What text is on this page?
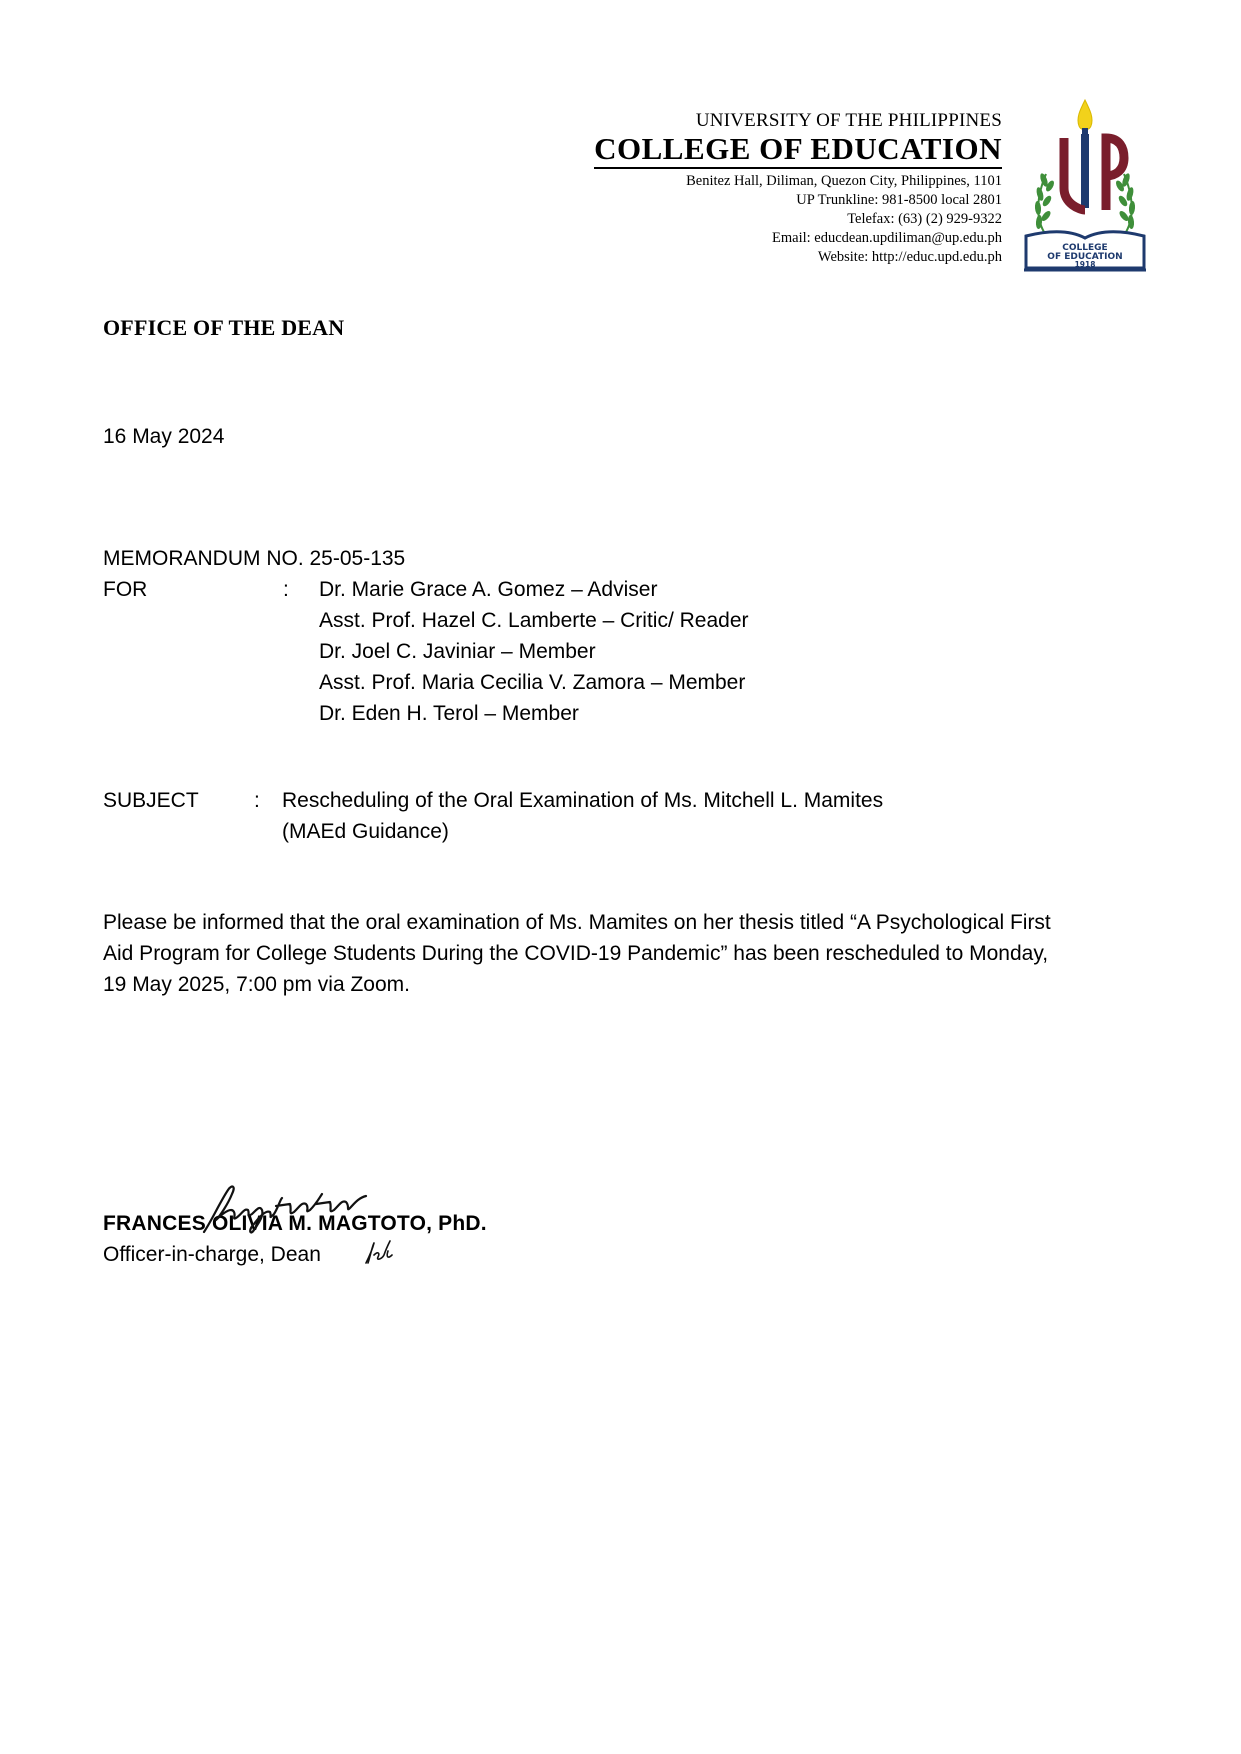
UNIVERSITY OF THE PHILIPPINES
COLLEGE OF EDUCATION
Benitez Hall, Diliman, Quezon City, Philippines, 1101
UP Trunkline: 981-8500 local 2801
Telefax: (63) (2) 929-9322
Email: educdean.updiliman@up.edu.ph
Website: http://educ.upd.edu.ph
COLLEGE
OF EDUCATION
1918
OFFICE OF THE DEAN
16 May 2024
MEMORANDUM NO. 25-05-135
FOR	: Dr. Marie Grace A. Gomez – Adviser
Asst. Prof. Hazel C. Lamberte – Critic/ Reader
Dr. Joel C. Javiniar – Member
Asst. Prof. Maria Cecilia V. Zamora – Member
Dr. Eden H. Terol – Member
SUBJECT	: Rescheduling of the Oral Examination of Ms. Mitchell L. Mamites
(MAEd Guidance)
Please be informed that the oral examination of Ms. Mamites on her thesis titled “A Psychological First
Aid Program for College Students During the COVID-19 Pandemic” has been rescheduled to Monday,
19 May 2025, 7:00 pm via Zoom.
FRANCES OLIVIA M. MAGTOTO, PhD.
Officer-in-charge, Dean
